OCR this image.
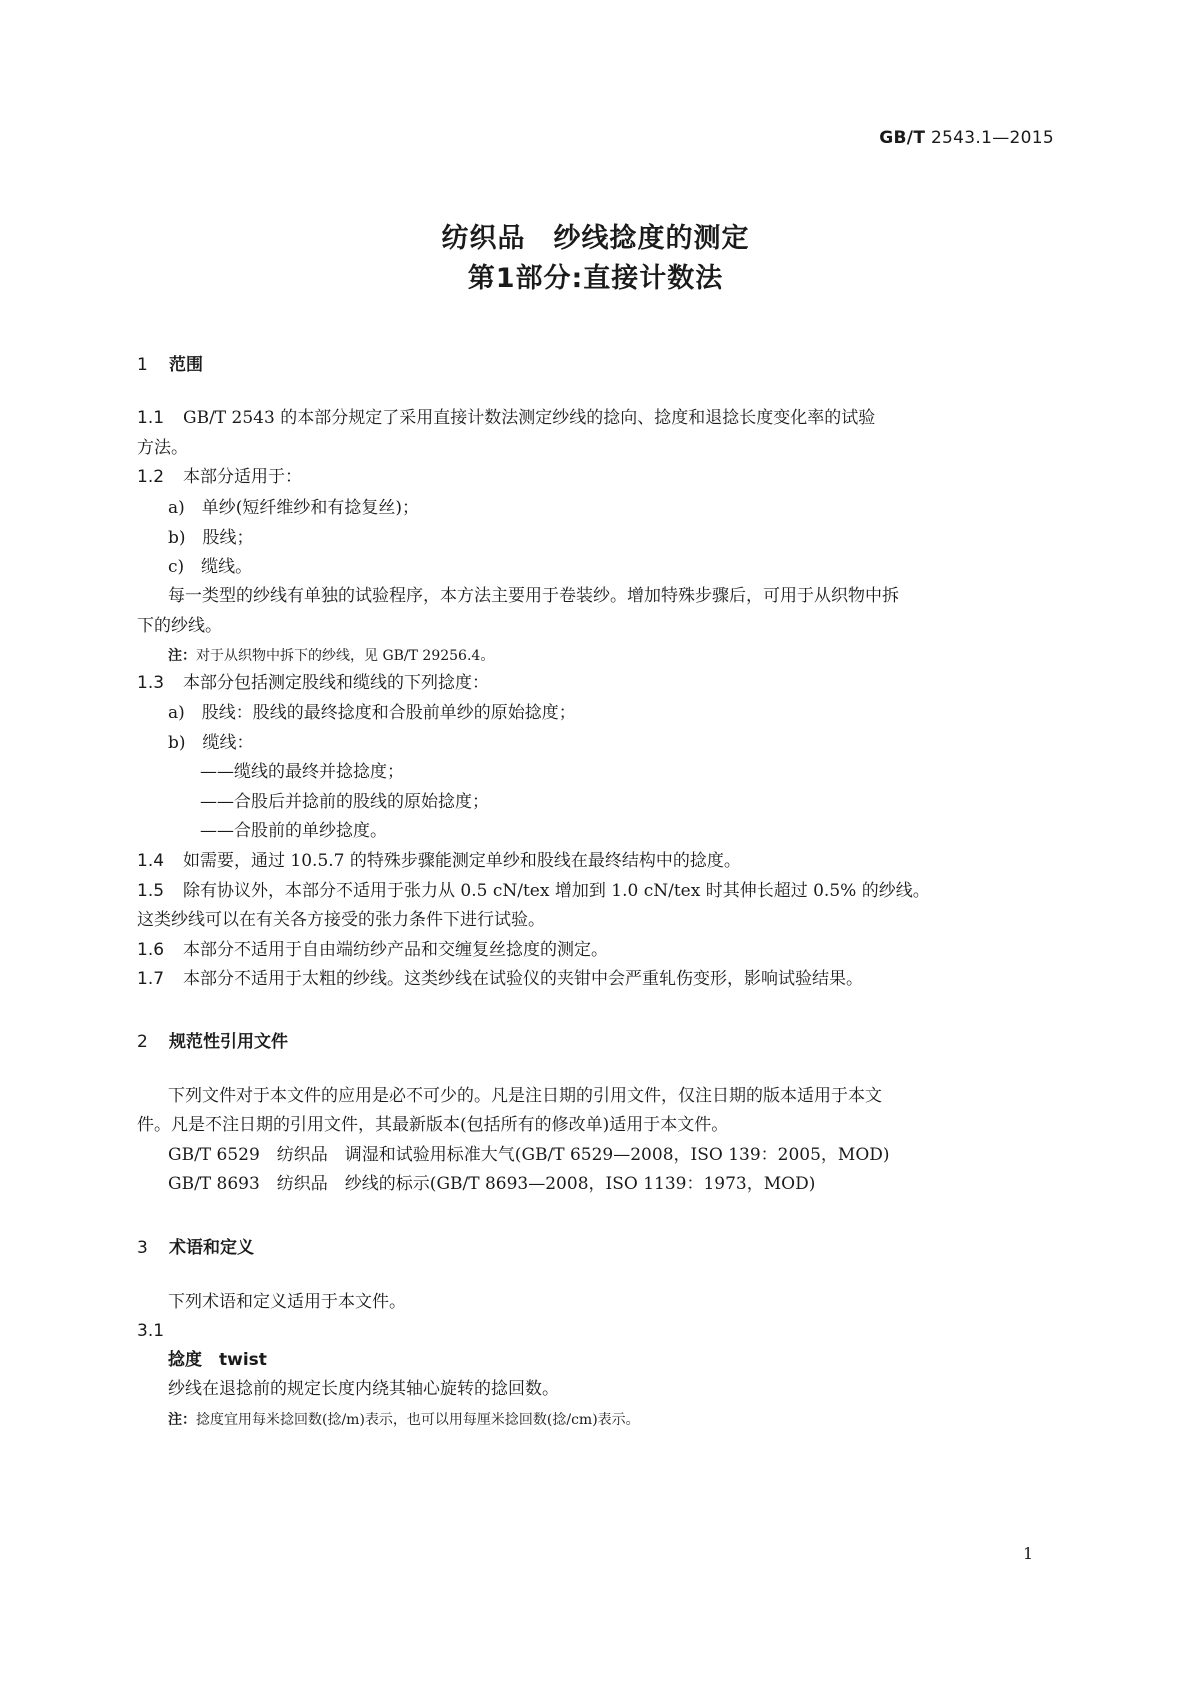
GB/T 2543.1—2015
纺织品　纱线捻度的测定
第1部分:直接计数法
1 范围
1.1 GB/T 2543 的本部分规定了采用直接计数法测定纱线的捻向、捻度和退捻长度变化率的试验
方法。
1.2 本部分适用于：
a)　单纱(短纤维纱和有捻复丝)；
b)　股线；
c)　缆线。
每一类型的纱线有单独的试验程序，本方法主要用于卷装纱。增加特殊步骤后，可用于从织物中拆
下的纱线。
注：对于从织物中拆下的纱线，见 GB/T 29256.4。
1.3 本部分包括测定股线和缆线的下列捻度：
a)　股线：股线的最终捻度和合股前单纱的原始捻度；
b)　缆线：
——缆线的最终并捻捻度；
——合股后并捻前的股线的原始捻度；
——合股前的单纱捻度。
1.4 如需要，通过 10.5.7 的特殊步骤能测定单纱和股线在最终结构中的捻度。
1.5 除有协议外，本部分不适用于张力从 0.5 cN/tex 增加到 1.0 cN/tex 时其伸长超过 0.5% 的纱线。
这类纱线可以在有关各方接受的张力条件下进行试验。
1.6 本部分不适用于自由端纺纱产品和交缠复丝捻度的测定。
1.7 本部分不适用于太粗的纱线。这类纱线在试验仪的夹钳中会严重轧伤变形，影响试验结果。
2 规范性引用文件
下列文件对于本文件的应用是必不可少的。凡是注日期的引用文件，仅注日期的版本适用于本文
件。凡是不注日期的引用文件，其最新版本(包括所有的修改单)适用于本文件。
GB/T 6529　纺织品　调湿和试验用标准大气(GB/T 6529—2008，ISO 139：2005，MOD)
GB/T 8693　纺织品　纱线的标示(GB/T 8693—2008，ISO 1139：1973，MOD)
3 术语和定义
下列术语和定义适用于本文件。
3.1
捻度　 twist
纱线在退捻前的规定长度内绕其轴心旋转的捻回数。
注：捻度宜用每米捻回数(捻/m)表示，也可以用每厘米捻回数(捻/cm)表示。
1
